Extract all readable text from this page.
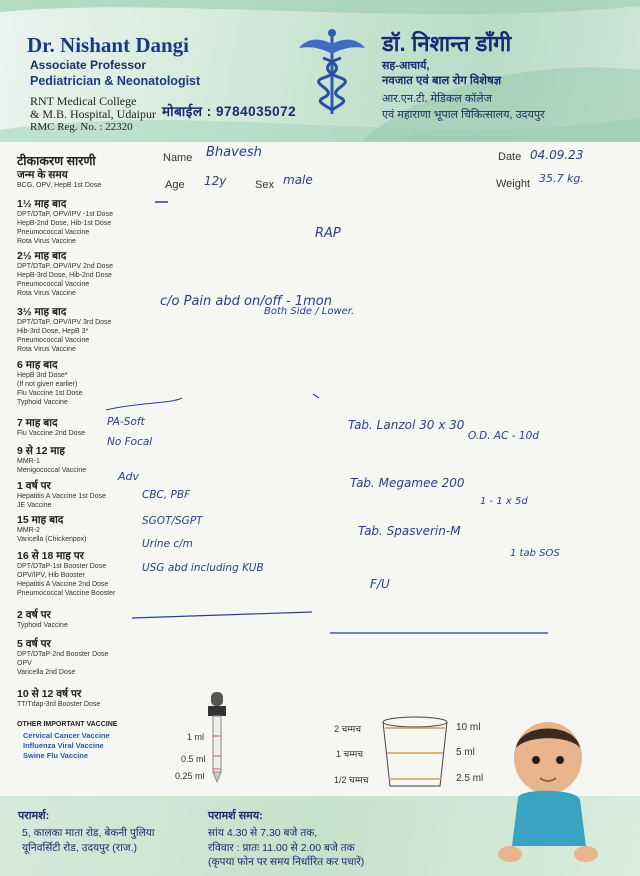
Dr. Nishant Dangi
Associate Professor
Pediatrician & Neonatologist
RNT Medical College
& M.B. Hospital, Udaipur
RMC Reg. No. : 22320
डॉ. निशान्त डाँगी
सह-आचार्य,
नवजात एवं बाल रोग विशेषज्ञ
आर.एन.टी. मेडिकल कॉलेज
एवं महाराणा भूपाल चिकित्सालय, उदयपुर
मोबाईल : 9784035072
टीकाकरण सारणी
जन्म के समय
BCG, OPV, HepB 1st Dose
1½ माह बाद
DPT/DTaP, OPV/IPV -1st Dose
HepB-2nd Dose, Hib-1st Dose
Pneumococcal Vaccine
Rota Virus Vaccine
2½ माह बाद
DPT/DTaP, OPV/IPV 2nd Dose
HepB-3rd Dose, Hib-2nd Dose
Pneumococcal Vaccine
Rota Virus Vaccine
3½ माह बाद
DPT/DTaP, OPV/IPV 3rd Dose
Hib-3rd Dose, HepB 3*
Pneumococcal Vaccine
Rota Virus Vaccine
6 माह बाद
HepB 3rd Dose*
(If not given earlier)
Flu Vaccine 1st Dose
Typhoid Vaccine
7 माह बाद
Flu Vaccine 2nd Dose
9 से 12 माह
MMR-1
Menigococcal Vaccine
1 वर्ष पर
Hepatitis A Vaccine 1st Dose
JE Vaccine
15 माह बाद
MMR-2
Varicella (Chickenpox)
16 से 18 माह पर
DPT/DTaP-1st Booster Dose
OPV/IPV, Hib Booster
Hepatitis A Vaccine 2nd Dose
Pneumococcal Vaccine Booster
2 वर्ष पर
Typhoid Vaccine
5 वर्ष पर
DPT/DTaP-2nd Booster Dose
OPV
Varicella 2nd Dose
10 से 12 वर्ष पर
TT/Tdap-3rd Booster Dose
OTHER IMPORTANT VACCINE
Cervical Cancer Vaccine
Influenza Viral Vaccine
Swine Flu Vaccine
Name Bhavesh	Date 04.09.23
Age 12y	Sex male	Weight 35.7 kg.
RAP
c/o Pain abd on/off - 1mon
Both Side / Lower.
PA-Soft
No Focal
Adv
CBC, PBF
SGOT/SGPT
Urine c/m
USG abd including KUB
Tab. Lanzol 30 x 30
O.D. AC - 10d
Tab. Megamee 200
1 - 1 x 5d
Tab. Spasverin-M
1 tab SOS
F/U
1 ml
0.5 ml
0.25 ml
2 चम्मच
1 चम्मच
1/2 चम्मच
10 ml
5 ml
2.5 ml
परामर्श:
5, कालका माता रोड, बेकनी पुलिया
यूनिवर्सिटी रोड, उदयपुर (राज.)
परामर्श समय:
सांय 4.30 से 7.30 बजे तक,
रविवार : प्रातः 11.00 से 2.00 बजे तक
(कृपया फोन पर समय निर्धारित कर पधारें)
